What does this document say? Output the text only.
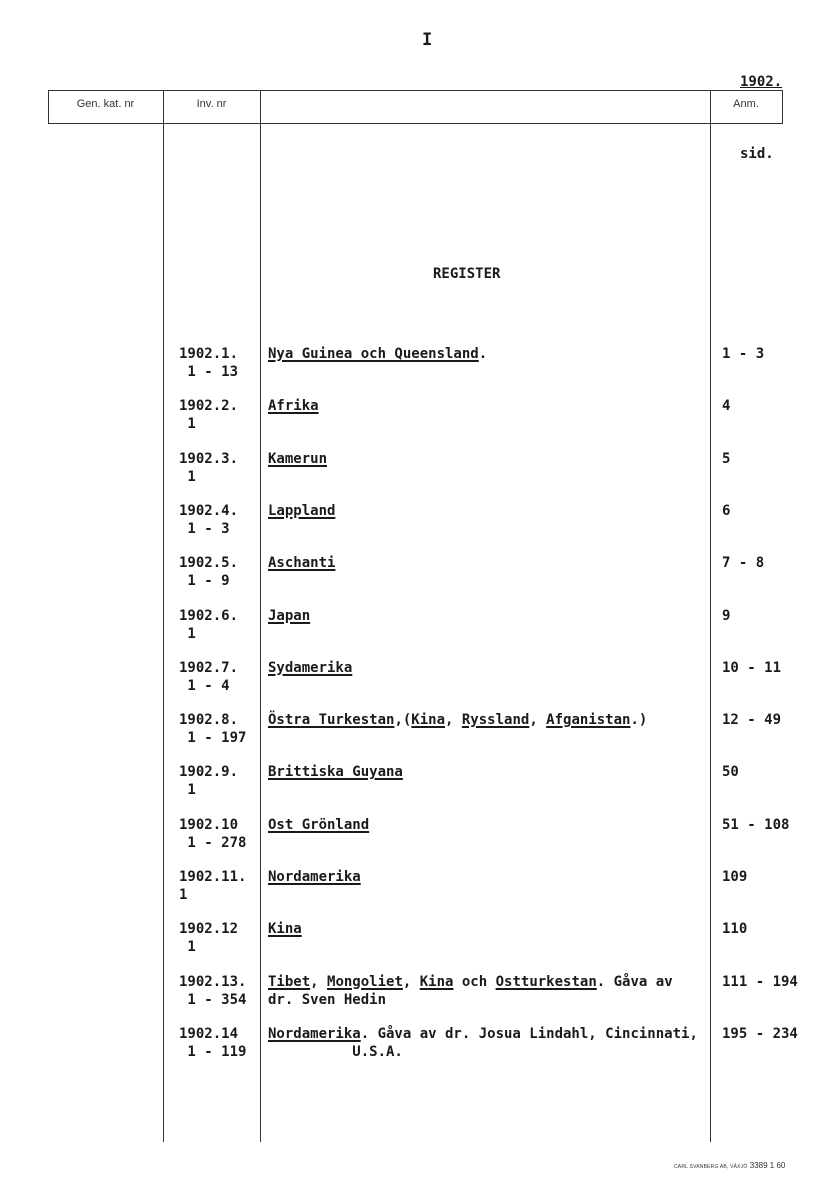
I
1902.
Gen. kat. nr	Inv. nr	Anm.
sid.
REGISTER
1902.1.
1 - 13
Nya Guinea och Queensland.	1 - 3
1902.2.
1
Afrika	4
1902.3.
1
Kamerun	5
1902.4.
1 - 3
Lappland	6
1902.5.
1 - 9
Aschanti	7 - 8
1902.6.
1
Japan	9
1902.7.
1 - 4
Sydamerika	10 - 11
1902.8.
1 - 197
Östra Turkestan,(Kina, Ryssland, Afganistan.)	12 - 49
1902.9.
1
Brittiska Guyana	50
1902.10
1 - 278
Ost Grönland	51 - 108
1902.11.
1
Nordamerika	109
1902.12
1
Kina	110
1902.13.
1 - 354
Tibet, Mongoliet, Kina och Ostturkestan. Gåva av
dr. Sven Hedin
111 - 194
1902.14
1 - 119
Nordamerika. Gåva av dr. Josua Lindahl, Cincinnati,
U.S.A.
195 - 234
CARL SVANBERG AB, VÄXJÖ 3389 1 60
